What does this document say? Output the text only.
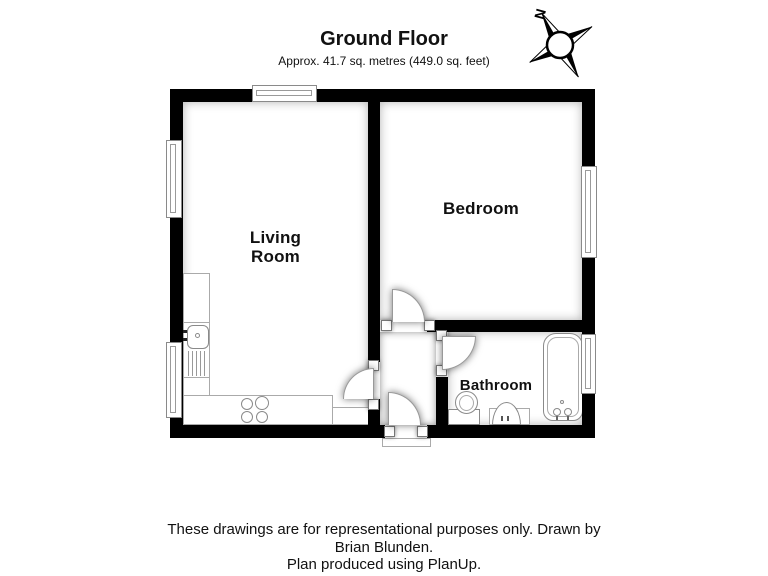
Ground Floor
Approx. 41.7 sq. metres (449.0 sq. feet)
N
Living
Room
Bedroom
Bathroom
These drawings are for representational purposes only. Drawn by
Brian Blunden.
Plan produced using PlanUp.
